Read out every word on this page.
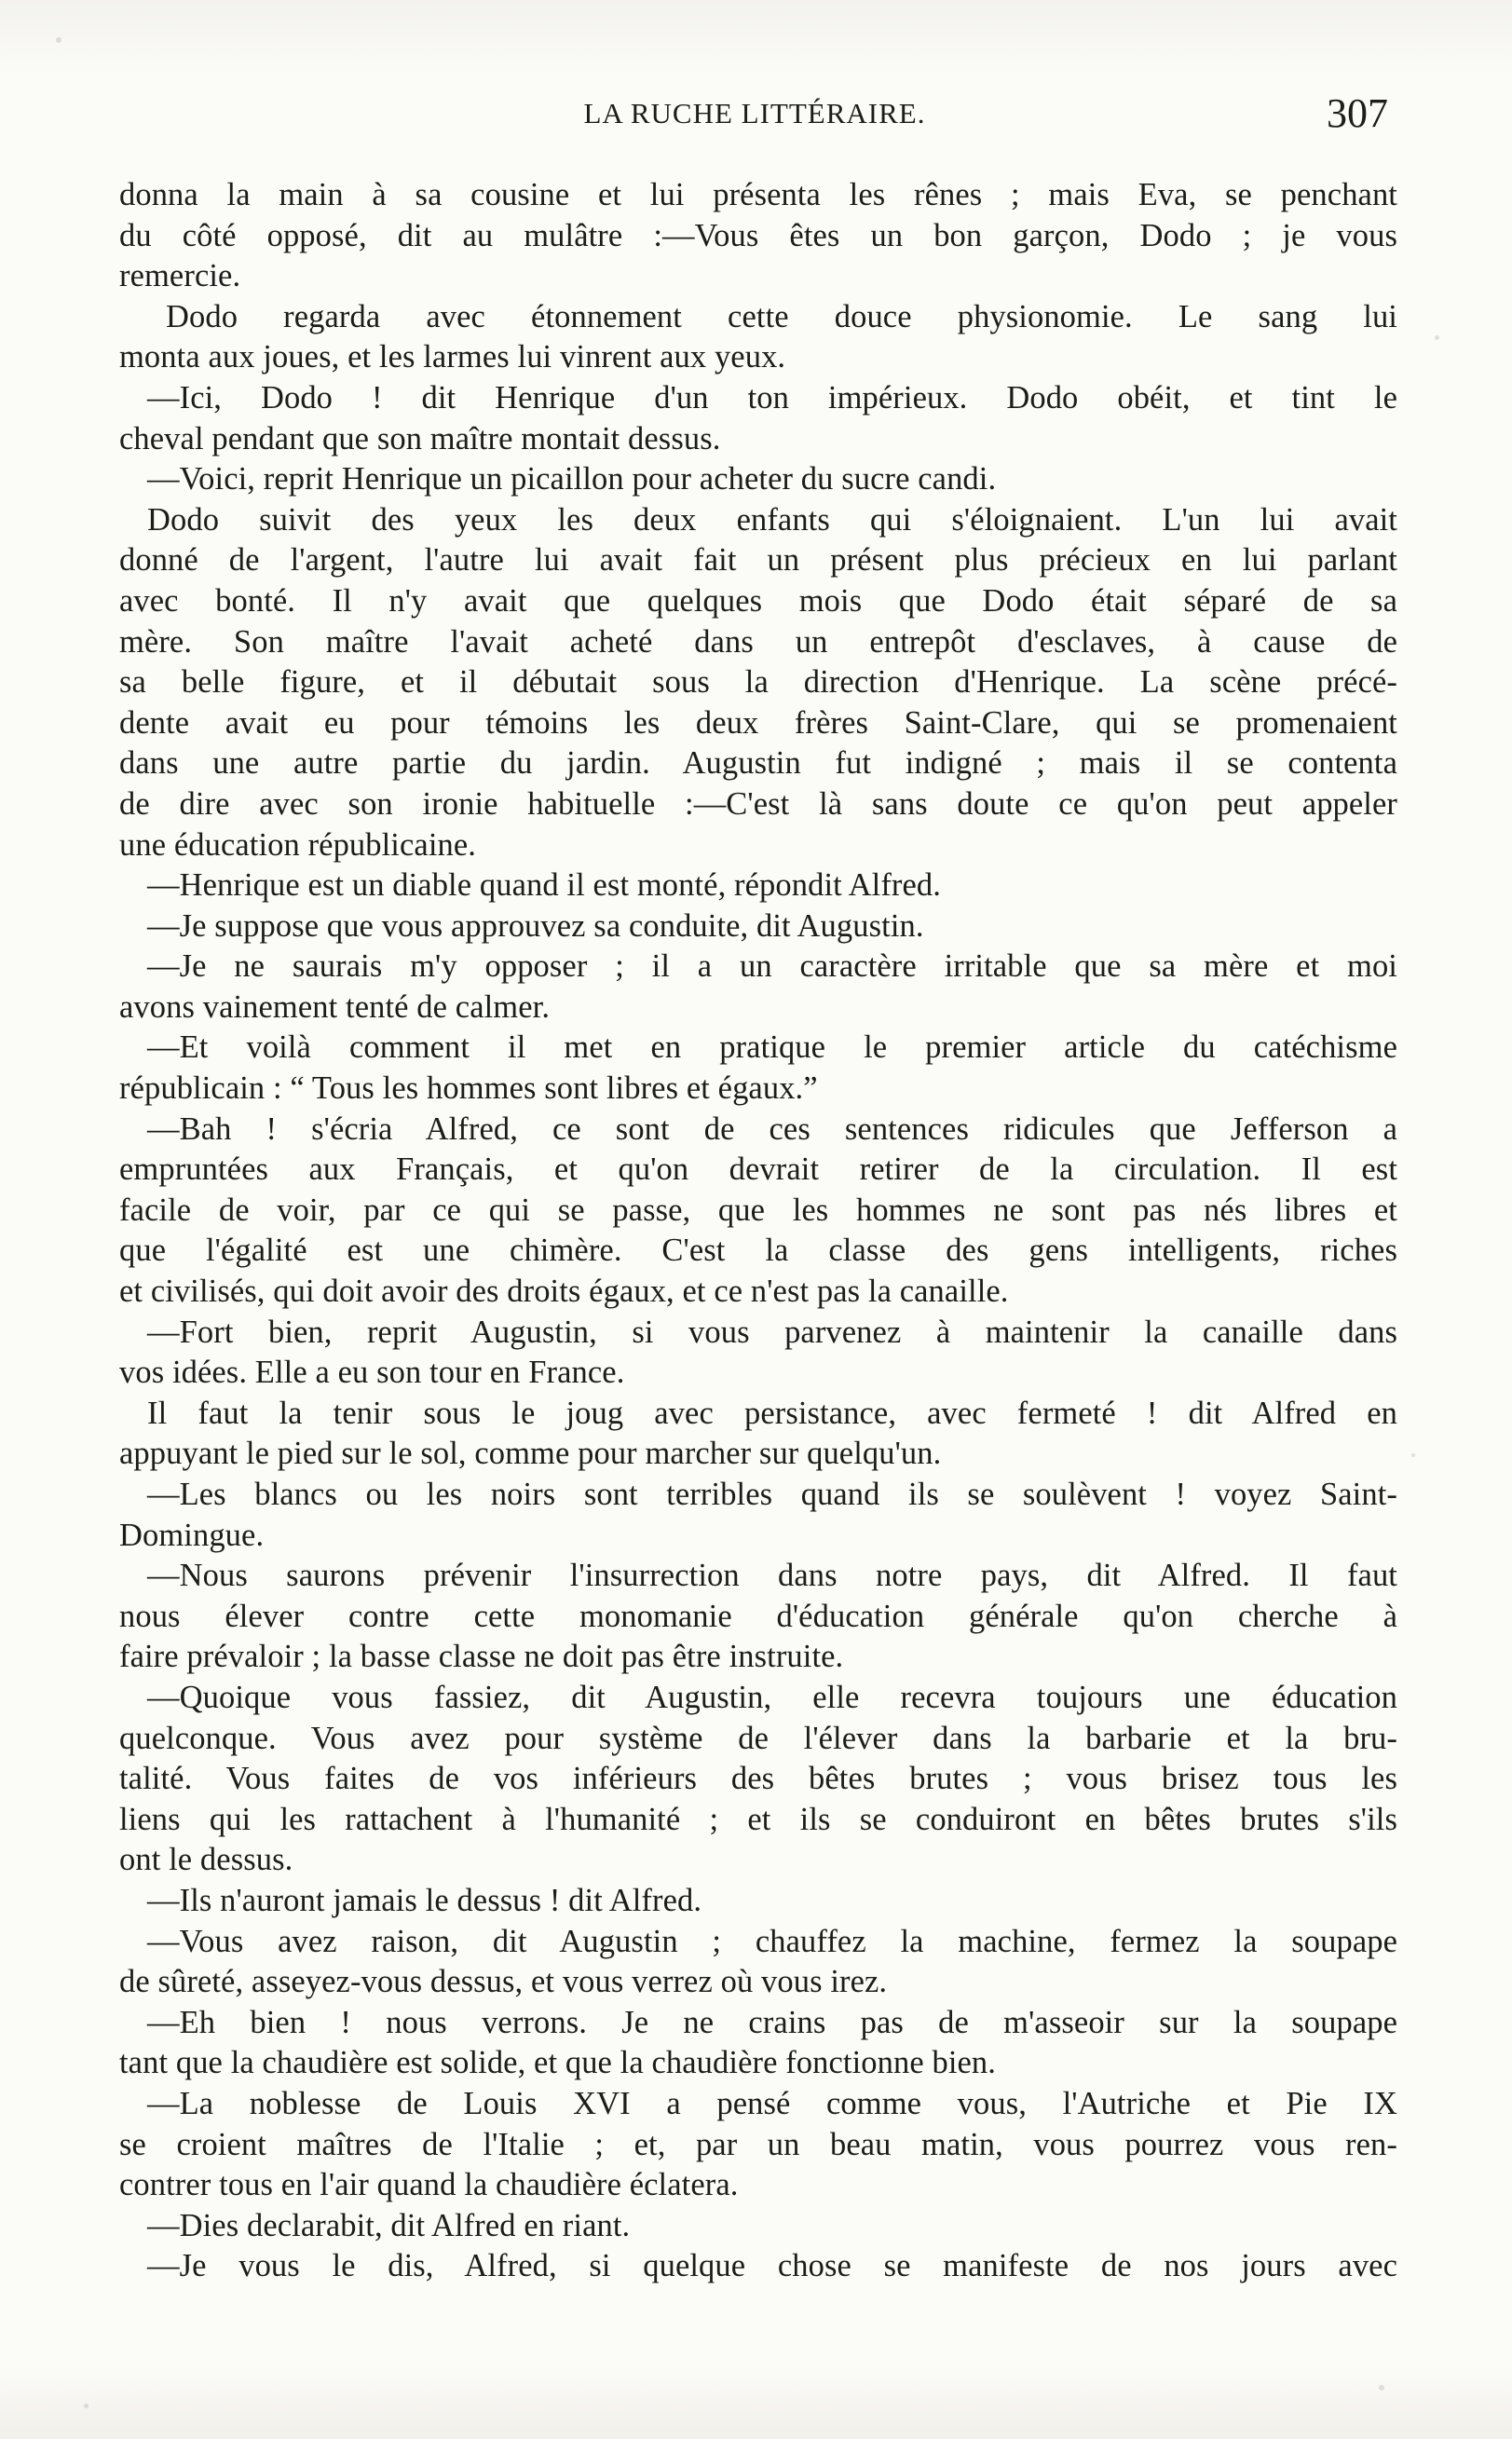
LA RUCHE LITTÉRAIRE.	307
donna la main à sa cousine et lui présenta les rênes ; mais Eva, se penchant
du côté opposé, dit au mulâtre :—Vous êtes un bon garçon, Dodo ; je vous
remercie.
Dodo regarda avec étonnement cette douce physionomie. Le sang lui
monta aux joues, et les larmes lui vinrent aux yeux.
—Ici, Dodo ! dit Henrique d'un ton impérieux. Dodo obéit, et tint le
cheval pendant que son maître montait dessus.
—Voici, reprit Henrique un picaillon pour acheter du sucre candi.
Dodo suivit des yeux les deux enfants qui s'éloignaient. L'un lui avait
donné de l'argent, l'autre lui avait fait un présent plus précieux en lui parlant
avec bonté. Il n'y avait que quelques mois que Dodo était séparé de sa
mère. Son maître l'avait acheté dans un entrepôt d'esclaves, à cause de
sa belle figure, et il débutait sous la direction d'Henrique. La scène précé-
dente avait eu pour témoins les deux frères Saint-Clare, qui se promenaient
dans une autre partie du jardin. Augustin fut indigné ; mais il se contenta
de dire avec son ironie habituelle :—C'est là sans doute ce qu'on peut appeler
une éducation républicaine.
—Henrique est un diable quand il est monté, répondit Alfred.
—Je suppose que vous approuvez sa conduite, dit Augustin.
—Je ne saurais m'y opposer ; il a un caractère irritable que sa mère et moi
avons vainement tenté de calmer.
—Et voilà comment il met en pratique le premier article du catéchisme
républicain : “ Tous les hommes sont libres et égaux.”
—Bah ! s'écria Alfred, ce sont de ces sentences ridicules que Jefferson a
empruntées aux Français, et qu'on devrait retirer de la circulation. Il est
facile de voir, par ce qui se passe, que les hommes ne sont pas nés libres et
que l'égalité est une chimère. C'est la classe des gens intelligents, riches
et civilisés, qui doit avoir des droits égaux, et ce n'est pas la canaille.
—Fort bien, reprit Augustin, si vous parvenez à maintenir la canaille dans
vos idées. Elle a eu son tour en France.
Il faut la tenir sous le joug avec persistance, avec fermeté ! dit Alfred en
appuyant le pied sur le sol, comme pour marcher sur quelqu'un.
—Les blancs ou les noirs sont terribles quand ils se soulèvent ! voyez Saint-
Domingue.
—Nous saurons prévenir l'insurrection dans notre pays, dit Alfred. Il faut
nous élever contre cette monomanie d'éducation générale qu'on cherche à
faire prévaloir ; la basse classe ne doit pas être instruite.
—Quoique vous fassiez, dit Augustin, elle recevra toujours une éducation
quelconque. Vous avez pour système de l'élever dans la barbarie et la bru-
talité. Vous faites de vos inférieurs des bêtes brutes ; vous brisez tous les
liens qui les rattachent à l'humanité ; et ils se conduiront en bêtes brutes s'ils
ont le dessus.
—Ils n'auront jamais le dessus ! dit Alfred.
—Vous avez raison, dit Augustin ; chauffez la machine, fermez la soupape
de sûreté, asseyez-vous dessus, et vous verrez où vous irez.
—Eh bien ! nous verrons. Je ne crains pas de m'asseoir sur la soupape
tant que la chaudière est solide, et que la chaudière fonctionne bien.
—La noblesse de Louis XVI a pensé comme vous, l'Autriche et Pie IX
se croient maîtres de l'Italie ; et, par un beau matin, vous pourrez vous ren-
contrer tous en l'air quand la chaudière éclatera.
—Dies declarabit, dit Alfred en riant.
—Je vous le dis, Alfred, si quelque chose se manifeste de nos jours avec
